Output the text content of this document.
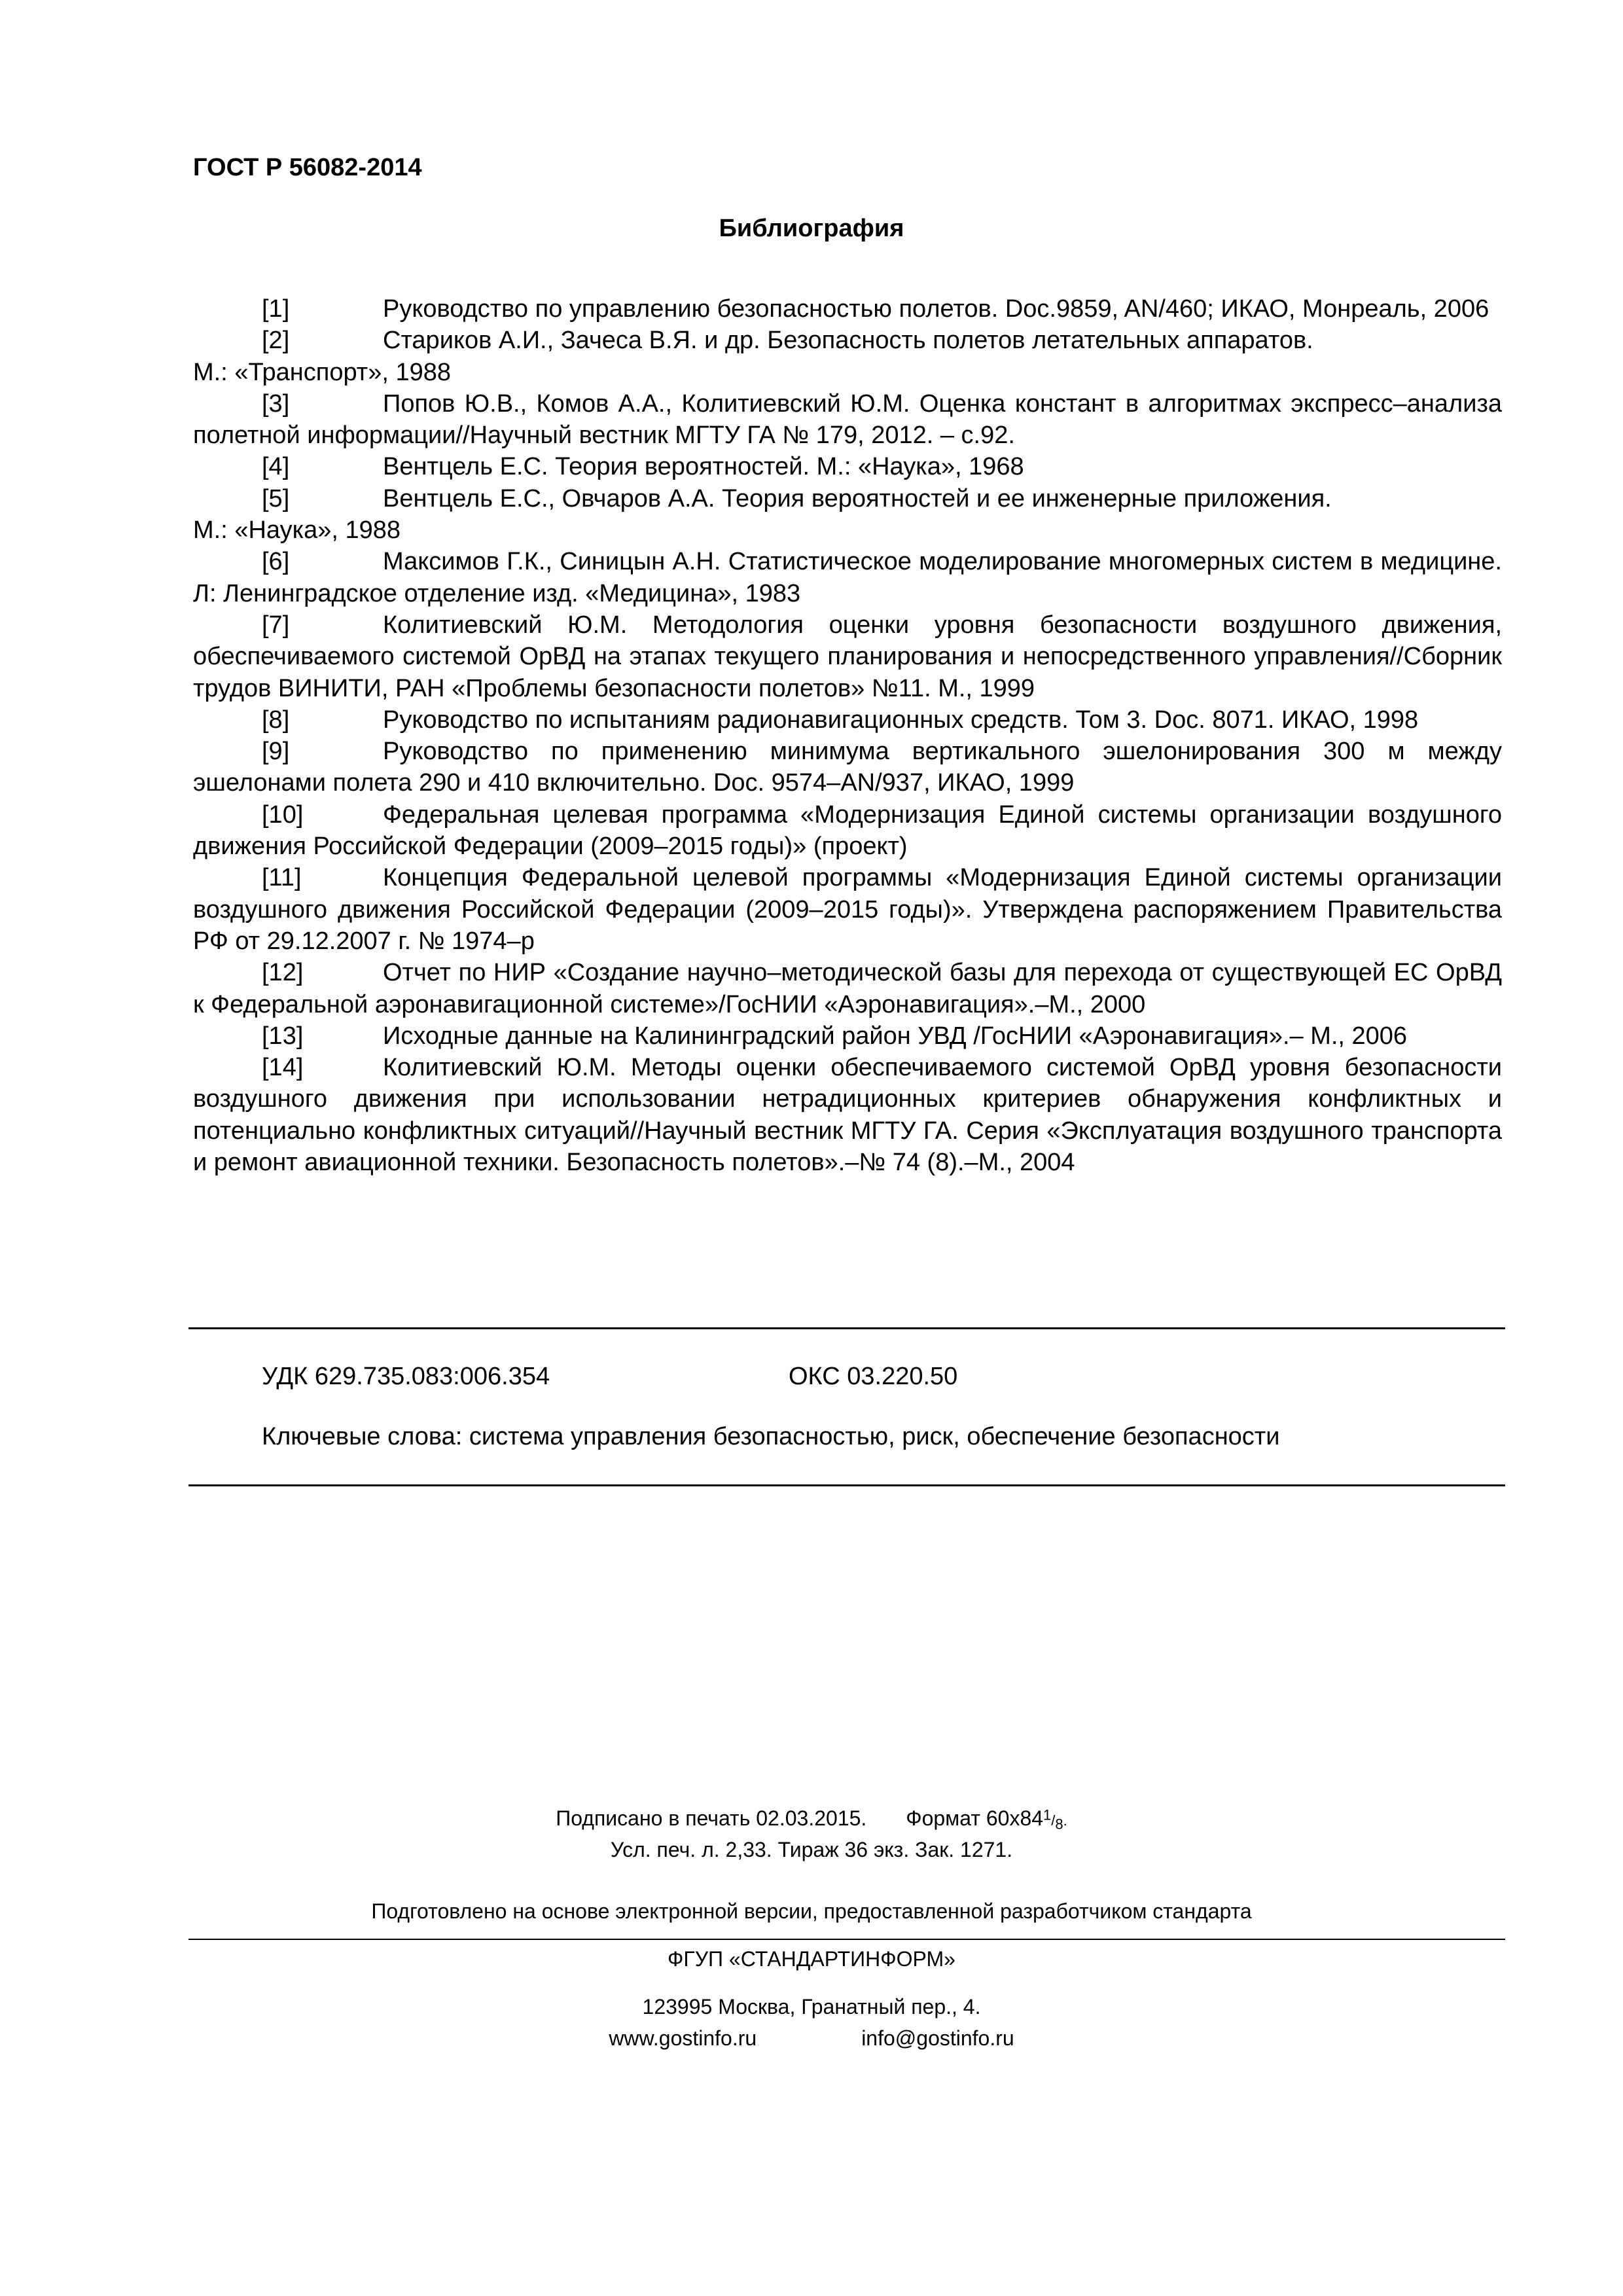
ГОСТ Р 56082-2014
Библиография
[1]	Руководство по управлению безопасностью полетов. Doc.9859, AN/460; ИКАО, Монреаль, 2006
[2]	Стариков А.И., Зачеса В.Я. и др. Безопасность полетов летательных аппаратов.
М.: «Транспорт», 1988
[3]	Попов Ю.В., Комов А.А., Колитиевский Ю.М. Оценка констант в алгоритмах экспресс–анализа полетной информации//Научный вестник МГТУ ГА № 179, 2012. – с.92.
[4]	Вентцель Е.С. Теория вероятностей. М.: «Наука», 1968
[5]	Вентцель Е.С., Овчаров А.А. Теория вероятностей и ее инженерные приложения.
М.: «Наука», 1988
[6]	Максимов Г.К., Синицын А.Н. Статистическое моделирование многомерных систем в медицине. Л: Ленинградское отделение изд. «Медицина», 1983
[7]	Колитиевский Ю.М. Методология оценки уровня безопасности воздушного движения, обеспечиваемого системой ОрВД на этапах текущего планирования и непосредственного управления//Сборник трудов ВИНИТИ, РАН «Проблемы безопасности полетов» №11. М., 1999
[8]	Руководство по испытаниям радионавигационных средств. Том 3. Doc. 8071. ИКАО, 1998
[9]	Руководство по применению минимума вертикального эшелонирования 300 м между эшелонами полета 290 и 410 включительно. Doc. 9574–AN/937, ИКАО, 1999
[10]	Федеральная целевая программа «Модернизация Единой системы организации воздушного движения Российской Федерации (2009–2015 годы)» (проект)
[11]	Концепция Федеральной целевой программы «Модернизация Единой системы организации воздушного движения Российской Федерации (2009–2015 годы)». Утверждена распоряжением Правительства РФ от 29.12.2007 г. № 1974–р
[12]	Отчет по НИР «Создание научно–методической базы для перехода от существующей ЕС ОрВД к Федеральной аэронавигационной системе»/ГосНИИ «Аэронавигация».–М., 2000
[13]	Исходные данные на Калининградский район УВД /ГосНИИ «Аэронавигация».– М., 2006
[14]	Колитиевский Ю.М. Методы оценки обеспечиваемого системой ОрВД уровня безопасности воздушного движения при использовании нетрадиционных критериев обнаружения конфликтных и потенциально конфликтных ситуаций//Научный вестник МГТУ ГА. Серия «Эксплуатация воздушного транспорта и ремонт авиационной техники. Безопасность полетов».–№ 74 (8).–М., 2004
УДК 629.735.083:006.354	ОКС 03.220.50
Ключевые слова: система управления безопасностью, риск, обеспечение безопасности
Подписано в печать 02.03.2015. Формат $60х84^1/_8$.
Усл. печ. л. 2,33. Тираж 36 экз. Зак. 1271.
Подготовлено на основе электронной версии, предоставленной разработчиком стандарта
ФГУП «СТАНДАРТИНФОРМ»
123995 Москва, Гранатный пер., 4.
www.gostinfo.ru	info@gostinfo.ru
